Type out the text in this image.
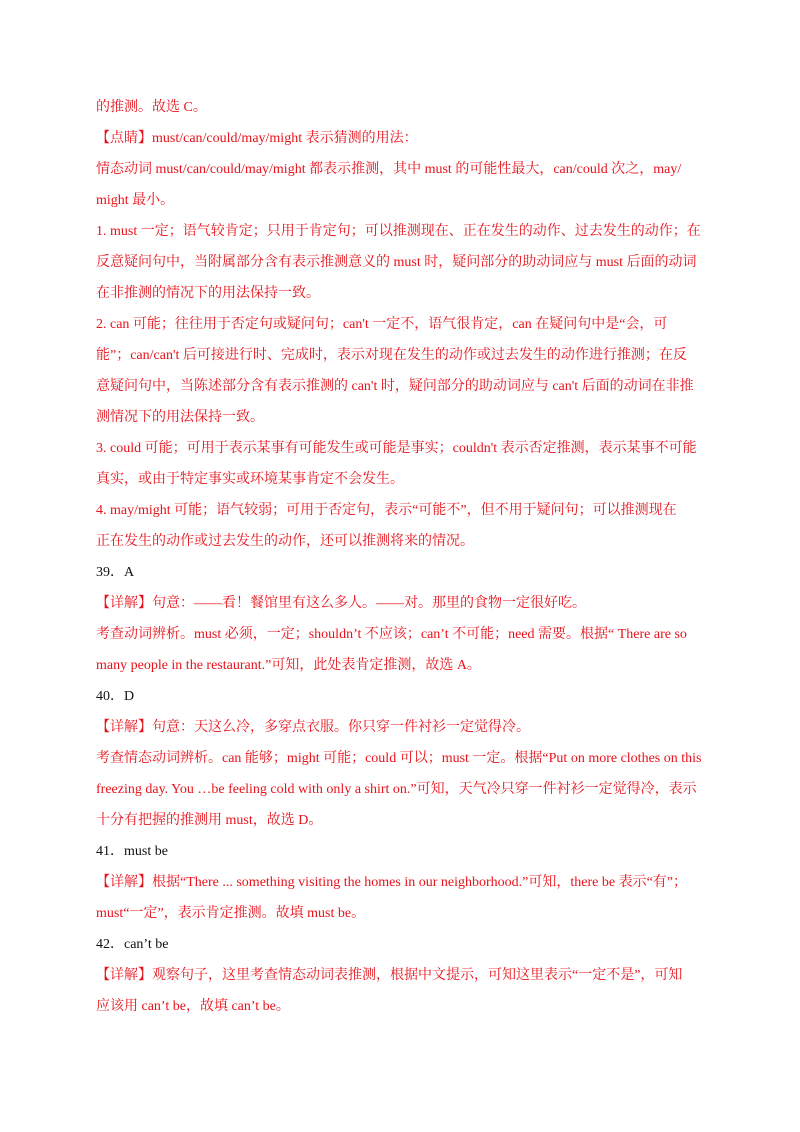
的推测。故选 C。
【点睛】must/can/could/may/might 表示猜测的用法：
情态动词 must/can/could/may/might 都表示推测，其中 must 的可能性最大，can/could 次之，may/
might 最小。
1. must 一定；语气较肯定；只用于肯定句；可以推测现在、正在发生的动作、过去发生的动作；在
反意疑问句中，当附属部分含有表示推测意义的 must 时，疑问部分的助动词应与 must 后面的动词
在非推测的情况下的用法保持一致。
2. can 可能；往往用于否定句或疑问句；can't 一定不，语气很肯定，can 在疑问句中是“会，可
能”；can/can't 后可接进行时、完成时，表示对现在发生的动作或过去发生的动作进行推测；在反
意疑问句中，当陈述部分含有表示推测的 can't 时，疑问部分的助动词应与 can't 后面的动词在非推
测情况下的用法保持一致。
3. could 可能；可用于表示某事有可能发生或可能是事实；couldn't 表示否定推测，表示某事不可能
真实，或由于特定事实或环境某事肯定不会发生。
4. may/might 可能；语气较弱；可用于否定句，表示“可能不”，但不用于疑问句；可以推测现在
正在发生的动作或过去发生的动作，还可以推测将来的情况。
39．A
【详解】句意：——看！餐馆里有这么多人。——对。那里的食物一定很好吃。
考查动词辨析。must 必须，一定；shouldn’t 不应该；can’t 不可能；need 需要。根据“ There are so
many people in the restaurant.”可知，此处表肯定推测，故选 A。
40．D
【详解】句意：天这么冷，多穿点衣服。你只穿一件衬衫一定觉得冷。
考查情态动词辨析。can 能够；might 可能；could 可以；must 一定。根据“Put on more clothes on this
freezing day. You …be feeling cold with only a shirt on.”可知，天气冷只穿一件衬衫一定觉得冷，表示
十分有把握的推测用 must，故选 D。
41．must be
【详解】根据“There ... something visiting the homes in our neighborhood.”可知，there be 表示“有”；
must“一定”，表示肯定推测。故填 must be。
42．can’t be
【详解】观察句子，这里考查情态动词表推测，根据中文提示，可知这里表示“一定不是”，可知
应该用 can’t be，故填 can’t be。
